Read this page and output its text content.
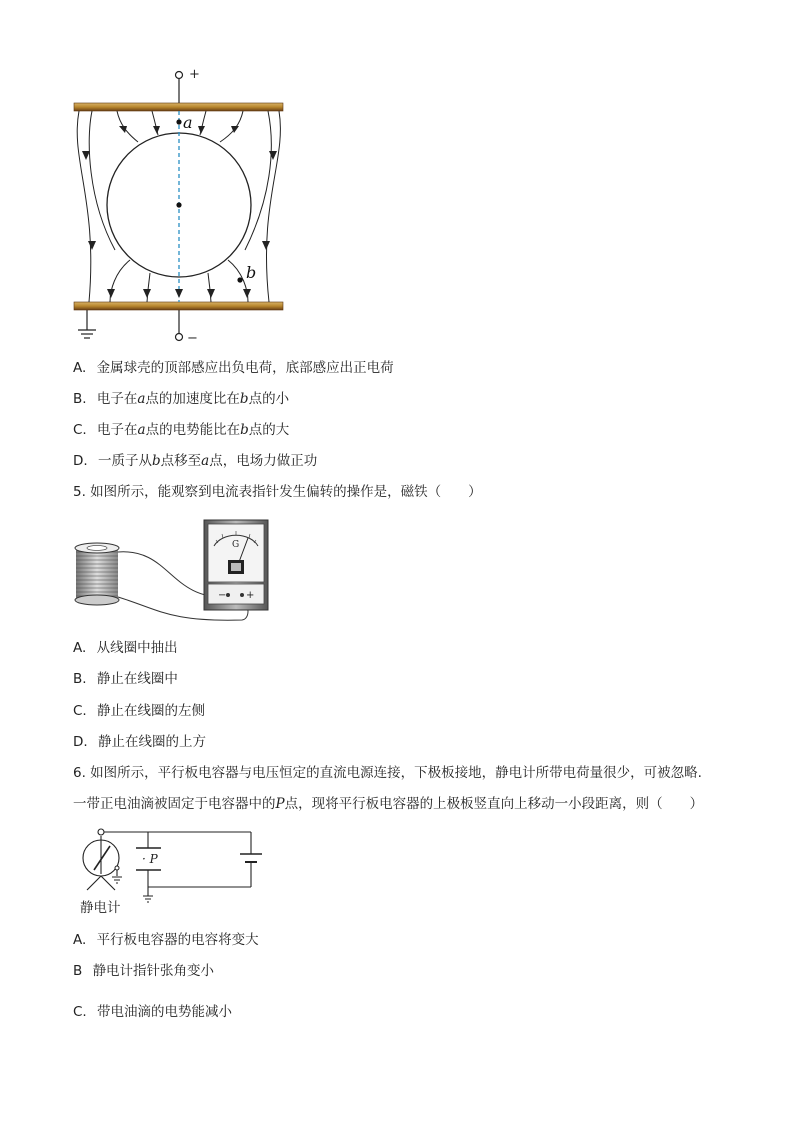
+
−
a
b
A. 金属球壳的顶部感应出负电荷，底部感应出正电荷
B. 电子在a点的加速度比在b点的小
C. 电子在a点的电势能比在b点的大
D. 一质子从b点移至a点，电场力做正功
5. 如图所示，能观察到电流表指针发生偏转的操作是，磁铁（　　）
G
− +
A. 从线圈中抽出
B. 静止在线圈中
C. 静止在线圈的左侧
D. 静止在线圈的上方
6. 如图所示，平行板电容器与电压恒定的直流电源连接，下极板接地，静电计所带电荷量很少，可被忽略.
一带正电油滴被固定于电容器中的P点，现将平行板电容器的上极板竖直向上移动一小段距离，则（　　）
· P
静电计
A. 平行板电容器的电容将变大
B 静电计指针张角变小
C. 带电油滴的电势能减小
